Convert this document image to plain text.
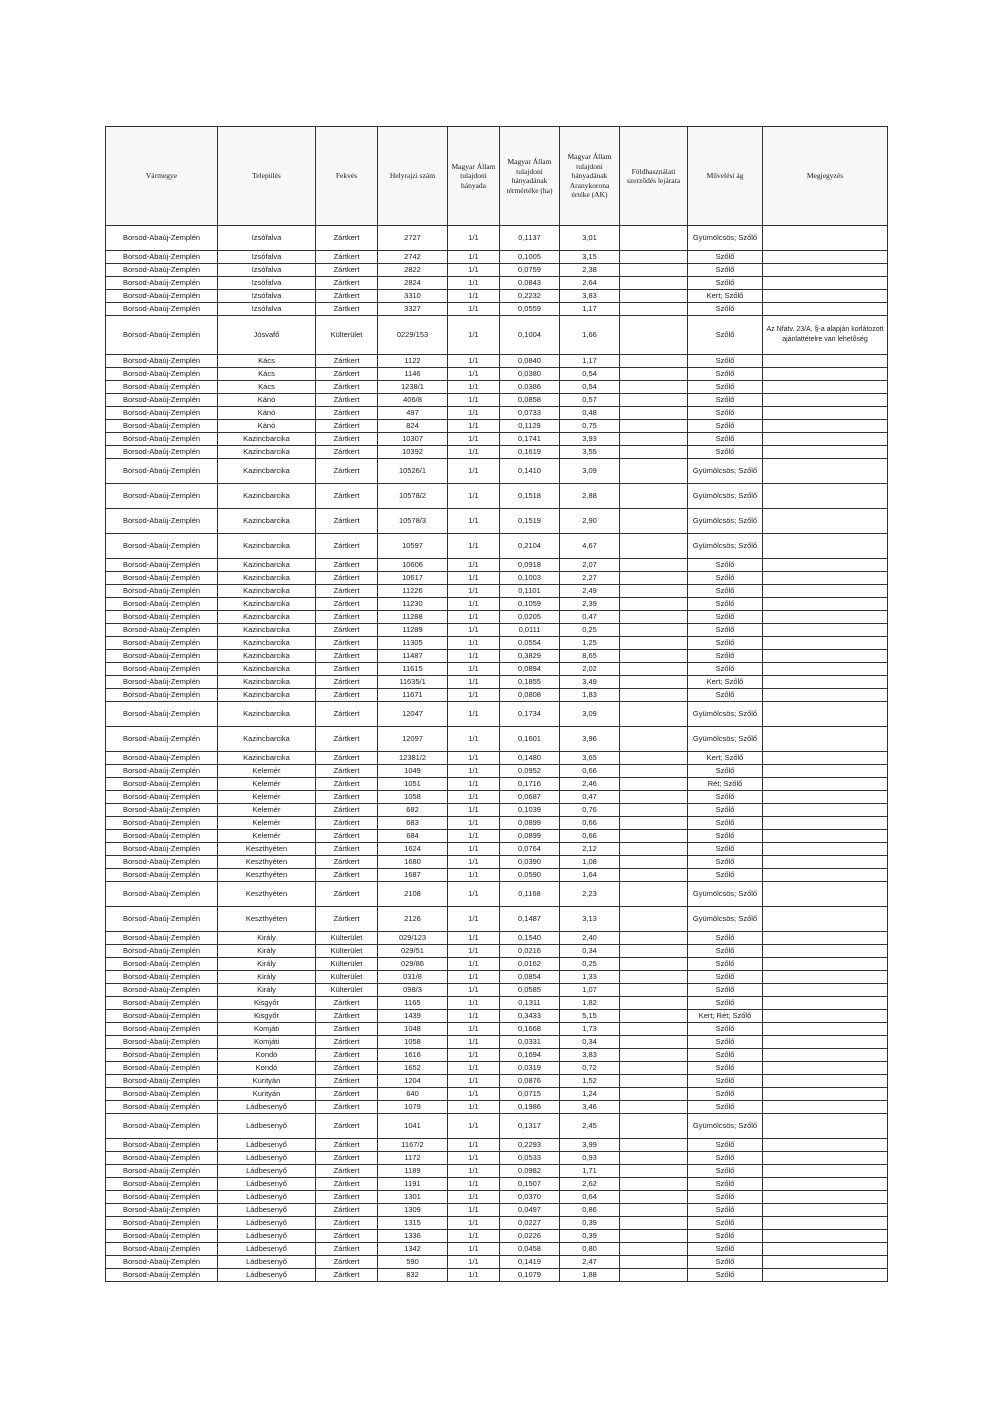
Vármegye	Település	Fekvés	Helyrajzi szám	Magyar Állam tulajdoni hányada	Magyar Állam tulajdoni hányadának térmértéke (ha)	Magyar Állam tulajdoni hányadának Aranykorona értéke (AK)	Földhasználati szerződés lejárata	Művelési ág	Megjegyzés
Borsod-Abaúj-Zemplén	Izsófalva	Zártkert	2727	1/1	0,1137	3,01		Gyümölcsös; Szőlő	
Borsod-Abaúj-Zemplén	Izsófalva	Zártkert	2742	1/1	0,1005	3,15		Szőlő	
Borsod-Abaúj-Zemplén	Izsófalva	Zártkert	2822	1/1	0,0759	2,38		Szőlő	
Borsod-Abaúj-Zemplén	Izsófalva	Zártkert	2824	1/1	0,0843	2,64		Szőlő	
Borsod-Abaúj-Zemplén	Izsófalva	Zártkert	3310	1/1	0,2232	3,83		Kert; Szőlő	
Borsod-Abaúj-Zemplén	Izsófalva	Zártkert	3327	1/1	0,0559	1,17		Szőlő	
Borsod-Abaúj-Zemplén	Jósvafő	Külterület	0229/153	1/1	0,1004	1,66		Szőlő	Az Nfatv. 23/A. §-a alapján korlátozott ajánlattételre van lehetőség
Borsod-Abaúj-Zemplén	Kács	Zártkert	1122	1/1	0,0840	1,17		Szőlő	
Borsod-Abaúj-Zemplén	Kács	Zártkert	1146	1/1	0,0380	0,54		Szőlő	
Borsod-Abaúj-Zemplén	Kács	Zártkert	1238/1	1/1	0,0386	0,54		Szőlő	
Borsod-Abaúj-Zemplén	Kánó	Zártkert	406/8	1/1	0,0858	0,57		Szőlő	
Borsod-Abaúj-Zemplén	Kánó	Zártkert	497	1/1	0,0733	0,48		Szőlő	
Borsod-Abaúj-Zemplén	Kánó	Zártkert	824	1/1	0,1129	0,75		Szőlő	
Borsod-Abaúj-Zemplén	Kazincbarcika	Zártkert	10307	1/1	0,1741	3,93		Szőlő	
Borsod-Abaúj-Zemplén	Kazincbarcika	Zártkert	10392	1/1	0,1619	3,55		Szőlő	
Borsod-Abaúj-Zemplén	Kazincbarcika	Zártkert	10526/1	1/1	0,1410	3,09		Gyümölcsös; Szőlő	
Borsod-Abaúj-Zemplén	Kazincbarcika	Zártkert	10578/2	1/1	0,1518	2,88		Gyümölcsös; Szőlő	
Borsod-Abaúj-Zemplén	Kazincbarcika	Zártkert	10578/3	1/1	0,1519	2,90		Gyümölcsös; Szőlő	
Borsod-Abaúj-Zemplén	Kazincbarcika	Zártkert	10597	1/1	0,2104	4,67		Gyümölcsös; Szőlő	
Borsod-Abaúj-Zemplén	Kazincbarcika	Zártkert	10606	1/1	0,0918	2,07		Szőlő	
Borsod-Abaúj-Zemplén	Kazincbarcika	Zártkert	10617	1/1	0,1003	2,27		Szőlő	
Borsod-Abaúj-Zemplén	Kazincbarcika	Zártkert	11226	1/1	0,1101	2,49		Szőlő	
Borsod-Abaúj-Zemplén	Kazincbarcika	Zártkert	11230	1/1	0,1059	2,39		Szőlő	
Borsod-Abaúj-Zemplén	Kazincbarcika	Zártkert	11288	1/1	0,0205	0,47		Szőlő	
Borsod-Abaúj-Zemplén	Kazincbarcika	Zártkert	11289	1/1	0,0111	0,25		Szőlő	
Borsod-Abaúj-Zemplén	Kazincbarcika	Zártkert	11305	1/1	0,0554	1,25		Szőlő	
Borsod-Abaúj-Zemplén	Kazincbarcika	Zártkert	11487	1/1	0,3829	8,65		Szőlő	
Borsod-Abaúj-Zemplén	Kazincbarcika	Zártkert	11615	1/1	0,0894	2,02		Szőlő	
Borsod-Abaúj-Zemplén	Kazincbarcika	Zártkert	11635/1	1/1	0,1855	3,49		Kert; Szőlő	
Borsod-Abaúj-Zemplén	Kazincbarcika	Zártkert	11671	1/1	0,0808	1,83		Szőlő	
Borsod-Abaúj-Zemplén	Kazincbarcika	Zártkert	12047	1/1	0,1734	3,09		Gyümölcsös; Szőlő	
Borsod-Abaúj-Zemplén	Kazincbarcika	Zártkert	12097	1/1	0,1601	3,96		Gyümölcsös; Szőlő	
Borsod-Abaúj-Zemplén	Kazincbarcika	Zártkert	12381/2	1/1	0,1480	3,65		Kert; Szőlő	
Borsod-Abaúj-Zemplén	Kelemér	Zártkert	1049	1/1	0,0952	0,66		Szőlő	
Borsod-Abaúj-Zemplén	Kelemér	Zártkert	1051	1/1	0,1716	2,46		Rét; Szőlő	
Borsod-Abaúj-Zemplén	Kelemér	Zártkert	1058	1/1	0,0687	0,47		Szőlő	
Borsod-Abaúj-Zemplén	Kelemér	Zártkert	682	1/1	0,1039	0,76		Szőlő	
Borsod-Abaúj-Zemplén	Kelemér	Zártkert	683	1/1	0,0899	0,66		Szőlő	
Borsod-Abaúj-Zemplén	Kelemér	Zártkert	684	1/1	0,0899	0,66		Szőlő	
Borsod-Abaúj-Zemplén	Keszthyéten	Zártkert	1624	1/1	0,0764	2,12		Szőlő	
Borsod-Abaúj-Zemplén	Keszthyéten	Zártkert	1680	1/1	0,0390	1,08		Szőlő	
Borsod-Abaúj-Zemplén	Keszthyéten	Zártkert	1687	1/1	0,0590	1,64		Szőlő	
Borsod-Abaúj-Zemplén	Keszthyéten	Zártkert	2108	1/1	0,1168	2,23		Gyümölcsös; Szőlő	
Borsod-Abaúj-Zemplén	Keszthyéten	Zártkert	2126	1/1	0,1487	3,13		Gyümölcsös; Szőlő	
Borsod-Abaúj-Zemplén	Király	Külterület	029/123	1/1	0,1540	2,40		Szőlő	
Borsod-Abaúj-Zemplén	Király	Külterület	029/51	1/1	0,0216	0,34		Szőlő	
Borsod-Abaúj-Zemplén	Király	Külterület	029/86	1/1	0,0162	0,25		Szőlő	
Borsod-Abaúj-Zemplén	Király	Külterület	031/8	1/1	0,0854	1,33		Szőlő	
Borsod-Abaúj-Zemplén	Király	Külterület	098/3	1/1	0,0585	1,07		Szőlő	
Borsod-Abaúj-Zemplén	Kisgyőr	Zártkert	1165	1/1	0,1311	1,82		Szőlő	
Borsod-Abaúj-Zemplén	Kisgyőr	Zártkert	1439	1/1	0,3433	5,15		Kert; Rét; Szőlő	
Borsod-Abaúj-Zemplén	Komjáti	Zártkert	1048	1/1	0,1668	1,73		Szőlő	
Borsod-Abaúj-Zemplén	Komjáti	Zártkert	1058	1/1	0,0331	0,34		Szőlő	
Borsod-Abaúj-Zemplén	Kondó	Zártkert	1616	1/1	0,1694	3,83		Szőlő	
Borsod-Abaúj-Zemplén	Kondó	Zártkert	1652	1/1	0,0319	0,72		Szőlő	
Borsod-Abaúj-Zemplén	Kurityán	Zártkert	1204	1/1	0,0876	1,52		Szőlő	
Borsod-Abaúj-Zemplén	Kurityán	Zártkert	640	1/1	0,0715	1,24		Szőlő	
Borsod-Abaúj-Zemplén	Ládbesenyő	Zártkert	1079	1/1	0,1986	3,46		Szőlő	
Borsod-Abaúj-Zemplén	Ládbesenyő	Zártkert	1041	1/1	0,1317	2,45		Gyümölcsös; Szőlő	
Borsod-Abaúj-Zemplén	Ládbesenyő	Zártkert	1167/2	1/1	0,2293	3,99		Szőlő	
Borsod-Abaúj-Zemplén	Ládbesenyő	Zártkert	1172	1/1	0,0533	0,93		Szőlő	
Borsod-Abaúj-Zemplén	Ládbesenyő	Zártkert	1189	1/1	0,0982	1,71		Szőlő	
Borsod-Abaúj-Zemplén	Ládbesenyő	Zártkert	1191	1/1	0,1507	2,62		Szőlő	
Borsod-Abaúj-Zemplén	Ládbesenyő	Zártkert	1301	1/1	0,0370	0,64		Szőlő	
Borsod-Abaúj-Zemplén	Ládbesenyő	Zártkert	1309	1/1	0,0497	0,86		Szőlő	
Borsod-Abaúj-Zemplén	Ládbesenyő	Zártkert	1315	1/1	0,0227	0,39		Szőlő	
Borsod-Abaúj-Zemplén	Ládbesenyő	Zártkert	1336	1/1	0,0226	0,39		Szőlő	
Borsod-Abaúj-Zemplén	Ládbesenyő	Zártkert	1342	1/1	0,0458	0,80		Szőlő	
Borsod-Abaúj-Zemplén	Ládbesenyő	Zártkert	590	1/1	0,1419	2,47		Szőlő	
Borsod-Abaúj-Zemplén	Ládbesenyő	Zártkert	832	1/1	0,1079	1,88		Szőlő	
